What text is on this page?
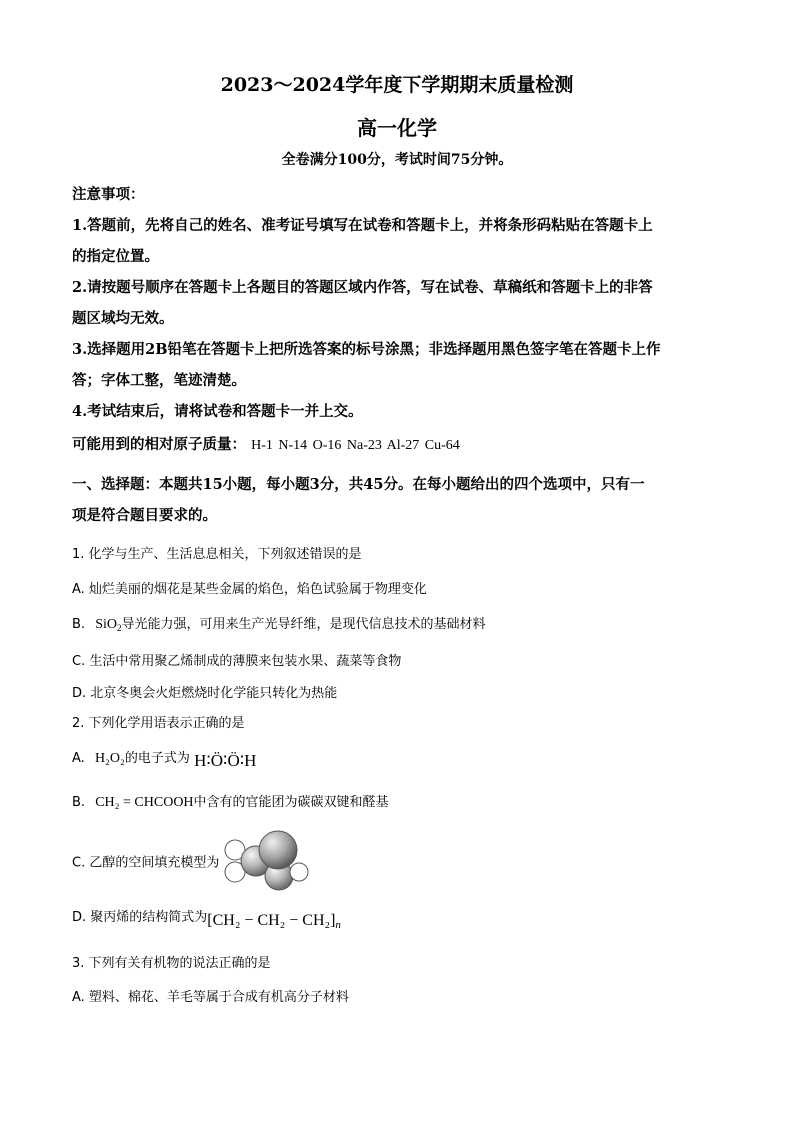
2023～2024学年度下学期期末质量检测
高一化学
全卷满分100分，考试时间75分钟。
注意事项：
1.答题前，先将自己的姓名、准考证号填写在试卷和答题卡上，并将条形码粘贴在答题卡上
的指定位置。
2.请按题号顺序在答题卡上各题目的答题区域内作答，写在试卷、草稿纸和答题卡上的非答
题区域均无效。
3.选择题用2B铅笔在答题卡上把所选答案的标号涂黑；非选择题用黑色签字笔在答题卡上作
答；字体工整，笔迹清楚。
4.考试结束后，请将试卷和答题卡一并上交。
可能用到的相对原子质量： H-1 N-14 O-16 Na-23 Al-27 Cu-64
一、选择题：本题共15小题，每小题3分，共45分。在每小题给出的四个选项中，只有一
项是符合题目要求的。
1. 化学与生产、生活息息相关，下列叙述错误的是
A. 灿烂美丽的烟花是某些金属的焰色，焰色试验属于物理变化
B. SiO$_2$导光能力强，可用来生产光导纤维，是现代信息技术的基础材料
C. 生活中常用聚乙烯制成的薄膜来包装水果、蔬菜等食物
D. 北京冬奥会火炬燃烧时化学能只转化为热能
2. 下列化学用语表示正确的是
A. H₂O₂的电子式为 H∶Ö∶Ö∶H
B. CH₂ = CHCOOH中含有的官能团为碳碳双键和醛基
C. 乙醇的空间填充模型为
D. 聚丙烯的结构简式为$[CH_2 - CH_2 - CH_2]_n$
3. 下列有关有机物的说法正确的是
A. 塑料、棉花、羊毛等属于合成有机高分子材料
